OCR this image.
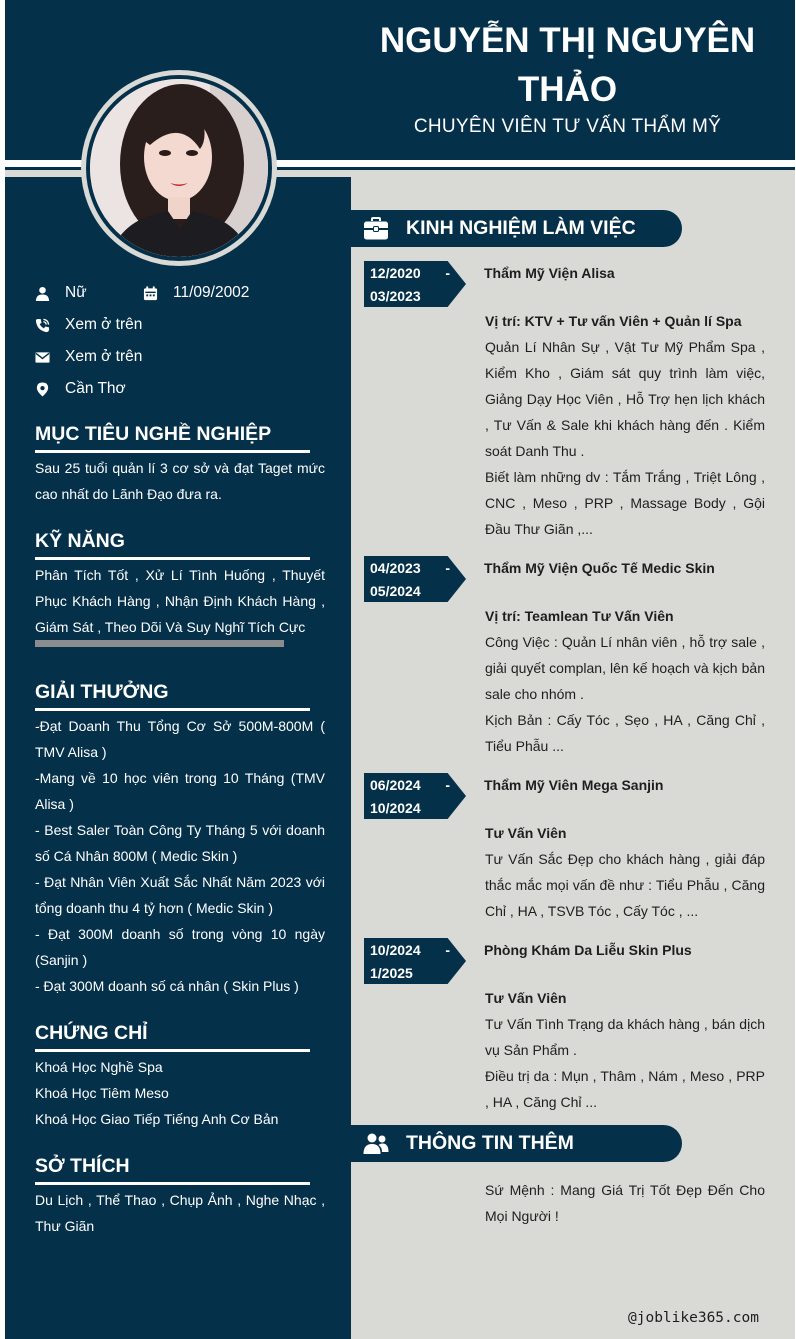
NGUYỄN THỊ NGUYÊN THẢO
CHUYÊN VIÊN TƯ VẤN THẨM MỸ
Nữ	11/09/2002
Xem ở trên
Xem ở trên
Cần Thơ
MỤC TIÊU NGHỀ NGHIỆP
Sau 25 tuổi quản lí 3 cơ sở và đạt Taget mức cao nhất do Lãnh Đạo đưa ra.
KỸ NĂNG
Phân Tích Tốt , Xử Lí Tình Huống , Thuyết Phục Khách Hàng , Nhận Định Khách Hàng , Giám Sát , Theo Dõi Và Suy Nghĩ Tích Cực
GIẢI THƯỞNG

-Đạt Doanh Thu Tổng Cơ Sở 500M-800M ( TMV Alisa )

-Mang về 10 học viên trong 10 Tháng (TMV Alisa )

- Best Saler Toàn Công Ty Tháng 5 với doanh số Cá Nhân 800M ( Medic Skin )

- Đạt Nhân Viên Xuất Sắc Nhất Năm 2023 với tổng doanh thu 4 tỷ hơn ( Medic Skin )

- Đạt 300M doanh số trong vòng 10 ngày (Sanjin )

- Đạt 300M doanh số cá nhân ( Skin Plus )

CHỨNG CHỈ

Khoá Học Nghề Spa

Khoá Học Tiêm Meso

Khoá Học Giao Tiếp Tiếng Anh Cơ Bản

SỞ THÍCH
Du Lịch , Thể Thao , Chụp Ảnh , Nghe Nhạc , Thư Giãn
KINH NGHIỆM LÀM VIỆC
12/2020 -
03/2023
Thẩm Mỹ Viện Alisa

Vị trí: KTV + Tư vấn Viên + Quản lí Spa

Quản Lí Nhân Sự , Vật Tư Mỹ Phẩm Spa , Kiểm Kho , Giám sát quy trình làm việc, Giảng Dạy Học Viên , Hỗ Trợ hẹn lịch khách , Tư Vấn & Sale khi khách hàng đến . Kiểm soát Danh Thu .

Biết làm những dv : Tắm Trắng , Triệt Lông , CNC , Meso , PRP , Massage Body , Gội Đầu Thư Giãn ,...

04/2023 -
05/2024
Thẩm Mỹ Viện Quốc Tế Medic Skin

Vị trí: Teamlean Tư Vấn Viên

Công Việc : Quản Lí nhân viên , hỗ trợ sale , giải quyết complan, lên kế hoạch và kịch bản sale cho nhóm .

Kịch Bản : Cấy Tóc , Sẹo , HA , Căng Chỉ , Tiểu Phẫu ...

06/2024 -
10/2024
Thẩm Mỹ Viên Mega Sanjin

Tư Vấn Viên

Tư Vấn Sắc Đẹp cho khách hàng , giải đáp thắc mắc mọi vấn đề như : Tiểu Phẫu , Căng Chỉ , HA , TSVB Tóc , Cấy Tóc , ...

10/2024 -
1/2025
Phòng Khám Da Liễu Skin Plus

Tư Vấn Viên

Tư Vấn Tình Trạng da khách hàng , bán dịch vụ Sản Phẩm .

Điều trị da : Mụn , Thâm , Nám , Meso , PRP , HA , Căng Chỉ ...

THÔNG TIN THÊM
Sứ Mệnh : Mang Giá Trị Tốt Đẹp Đến Cho Mọi Người !
@joblike365.com
